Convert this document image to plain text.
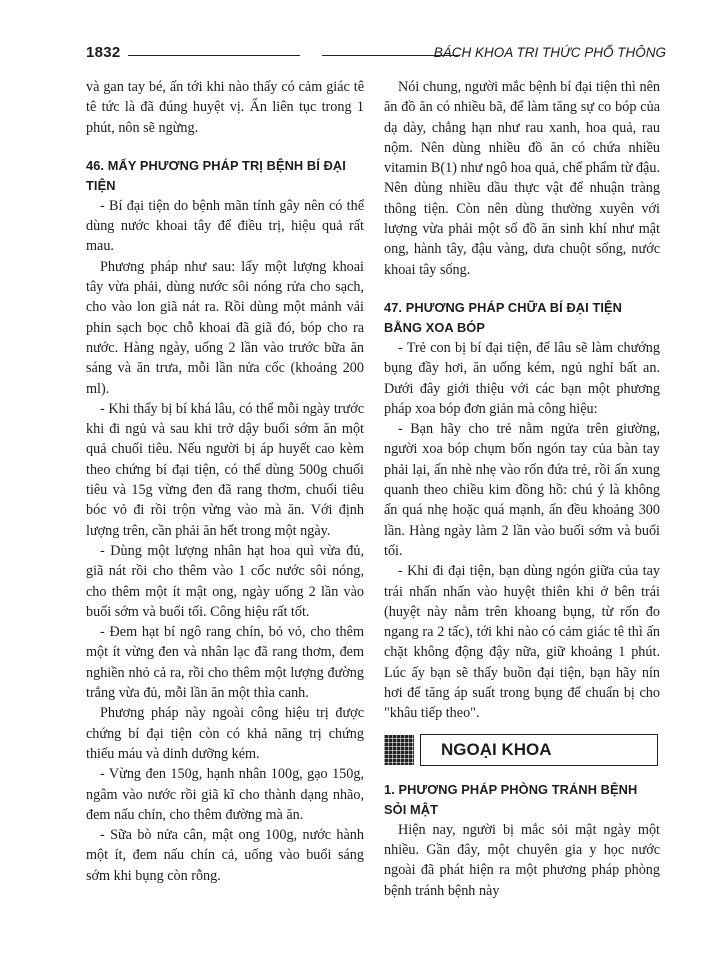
1832	BÁCH KHOA TRI THỨC PHỔ THÔNG

và gan tay bé, ấn tới khi nào thấy có cảm giác tê tê tức là đã đúng huyệt vị. Ấn liên tục trong 1 phút, nôn sẽ ngừng.

46. MẤY PHƯƠNG PHÁP TRỊ BỆNH BÍ ĐẠI TIỆN

- Bí đại tiện do bệnh mãn tính gây nên có thể dùng nước khoai tây để điều trị, hiệu quả rất mau.

Phương pháp như sau: lấy một lượng khoai tây vừa phải, dùng nước sôi nóng rửa cho sạch, cho vào lon giã nát ra. Rồi dùng một mảnh vải phin sạch bọc chỗ khoai đã giã đó, bóp cho ra nước. Hàng ngày, uống 2 lần vào trước bữa ăn sáng và ăn trưa, mỗi lần nửa cốc (khoảng 200 ml).

- Khi thấy bị bí khá lâu, có thể mỗi ngày trước khi đi ngủ và sau khi trở dậy buổi sớm ăn một quả chuối tiêu. Nếu người bị áp huyết cao kèm theo chứng bí đại tiện, có thể dùng 500g chuối tiêu và 15g vừng đen đã rang thơm, chuối tiêu bóc vỏ đi rồi trộn vừng vào mà ăn. Với định lượng trên, cần phải ăn hết trong một ngày.

- Dùng một lượng nhân hạt hoa quì vừa đủ, giã nát rồi cho thêm vào 1 cốc nước sôi nóng, cho thêm một ít mật ong, ngày uống 2 lần vào buổi sớm và buổi tối. Công hiệu rất tốt.

- Đem hạt bí ngô rang chín, bỏ vỏ, cho thêm một ít vừng đen và nhân lạc đã rang thơm, đem nghiền nhỏ cả ra, rồi cho thêm một lượng đường trắng vừa đủ, mỗi lần ăn một thìa canh.

Phương pháp này ngoài công hiệu trị được chứng bí đại tiện còn có khả năng trị chứng thiếu máu và dinh dưỡng kém.

- Vừng đen 150g, hạnh nhân 100g, gạo 150g, ngâm vào nước rồi giã kĩ cho thành dạng nhão, đem nấu chín, cho thêm đường mà ăn.

- Sữa bò nửa cân, mật ong 100g, nước hành một ít, đem nấu chín cả, uống vào buổi sáng sớm khi bụng còn rỗng.

Nói chung, người mắc bệnh bí đại tiện thì nên ăn đồ ăn có nhiều bã, để làm tăng sự co bóp của dạ dày, chẳng hạn như rau xanh, hoa quả, rau nộm. Nên dùng nhiều đồ ăn có chứa nhiều vitamin B(1) như ngô hoa quả, chế phẩm từ đậu. Nên dùng nhiều dầu thực vật để nhuận tràng thông tiện. Còn nên dùng thường xuyên với lượng vừa phải một số đồ ăn sinh khí như mật ong, hành tây, đậu vàng, dưa chuột sống, nước khoai tây sống.

47. PHƯƠNG PHÁP CHỮA BÍ ĐẠI TIỆN BẰNG XOA BÓP

- Trẻ con bị bí đại tiện, để lâu sẽ làm chướng bụng đầy hơi, ăn uống kém, ngủ nghỉ bất an. Dưới đây giới thiệu với các bạn một phương pháp xoa bóp đơn giản mà công hiệu:

- Bạn hãy cho trẻ nằm ngửa trên giường, người xoa bóp chụm bốn ngón tay của bàn tay phải lại, ấn nhè nhẹ vào rốn đứa trẻ, rồi ấn xung quanh theo chiều kim đồng hồ: chú ý là không ấn quá nhẹ hoặc quá mạnh, ấn đều khoảng 300 lần. Hàng ngày làm 2 lần vào buổi sớm và buổi tối.

- Khi đi đại tiện, bạn dùng ngón giữa của tay trái nhấn nhấn vào huyệt thiên khi ở bên trái (huyệt này nằm trên khoang bụng, từ rốn đo ngang ra 2 tấc), tới khi nào có cảm giác tê thì ấn chặt không động đậy nữa, giữ khoảng 1 phút. Lúc ấy bạn sẽ thấy buồn đại tiện, bạn hãy nín hơi để tăng áp suất trong bụng để chuẩn bị cho "khâu tiếp theo".

NGOẠI KHOA
1. PHƯƠNG PHÁP PHÒNG TRÁNH BỆNH SỎI MẬT

Hiện nay, người bị mắc sỏi mật ngày một nhiều. Gần đây, một chuyên gia y học nước ngoài đã phát hiện ra một phương pháp phòng bệnh tránh bệnh này
